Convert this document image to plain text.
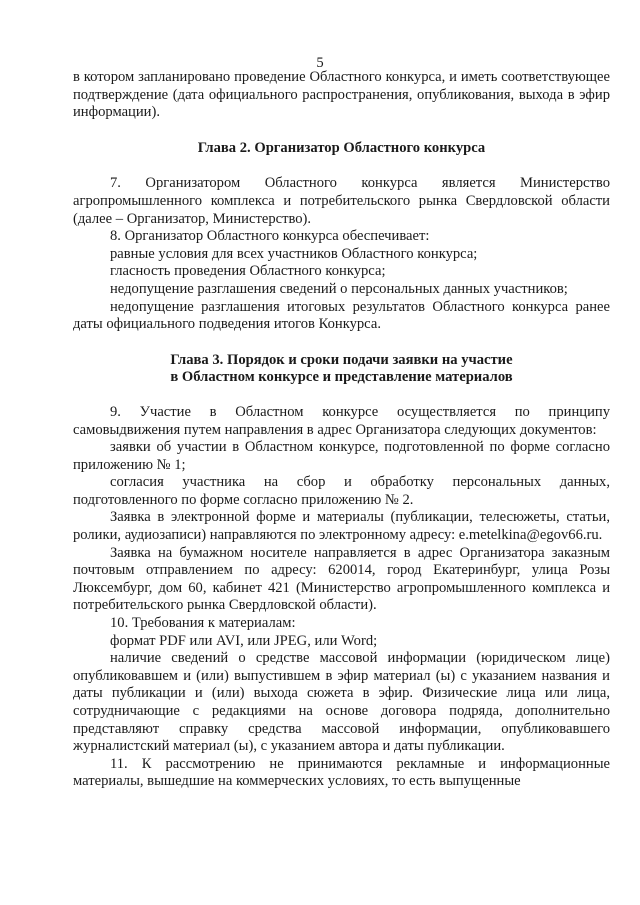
5

в котором запланировано проведение Областного конкурса, и иметь соответствующее подтверждение (дата официального распространения, опубликования, выхода в эфир информации).

Глава 2. Организатор Областного конкурса

7. Организатором Областного конкурса является Министерство агропромышленного комплекса и потребительского рынка Свердловской области (далее – Организатор, Министерство).

8. Организатор Областного конкурса обеспечивает:

равные условия для всех участников Областного конкурса;

гласность проведения Областного конкурса;

недопущение разглашения сведений о персональных данных участников;

недопущение разглашения итоговых результатов Областного конкурса ранее даты официального подведения итогов Конкурса.

Глава 3. Порядок и сроки подачи заявки на участие
в Областном конкурсе и представление материалов

9. Участие в Областном конкурсе осуществляется по принципу самовыдвижения путем направления в адрес Организатора следующих документов:

заявки об участии в Областном конкурсе, подготовленной по форме согласно приложению № 1;

согласия участника на сбор и обработку персональных данных, подготовленного по форме согласно приложению № 2.

Заявка в электронной форме и материалы (публикации, телесюжеты, статьи, ролики, аудиозаписи) направляются по электронному адресу: e.metelkina@egov66.ru.

Заявка на бумажном носителе направляется в адрес Организатора заказным почтовым отправлением по адресу: 620014, город Екатеринбург, улица Розы Люксембург, дом 60, кабинет 421 (Министерство агропромышленного комплекса и потребительского рынка Свердловской области).

10. Требования к материалам:

формат PDF или AVI, или JPEG, или Word;

наличие сведений о средстве массовой информации (юридическом лице) опубликовавшем и (или) выпустившем в эфир материал (ы) с указанием названия и даты публикации и (или) выхода сюжета в эфир. Физические лица или лица, сотрудничающие с редакциями на основе договора подряда, дополнительно представляют справку средства массовой информации, опубликовавшего журналистский материал (ы), с указанием автора и даты публикации.

11. К рассмотрению не принимаются рекламные и информационные материалы, вышедшие на коммерческих условиях, то есть выпущенные
